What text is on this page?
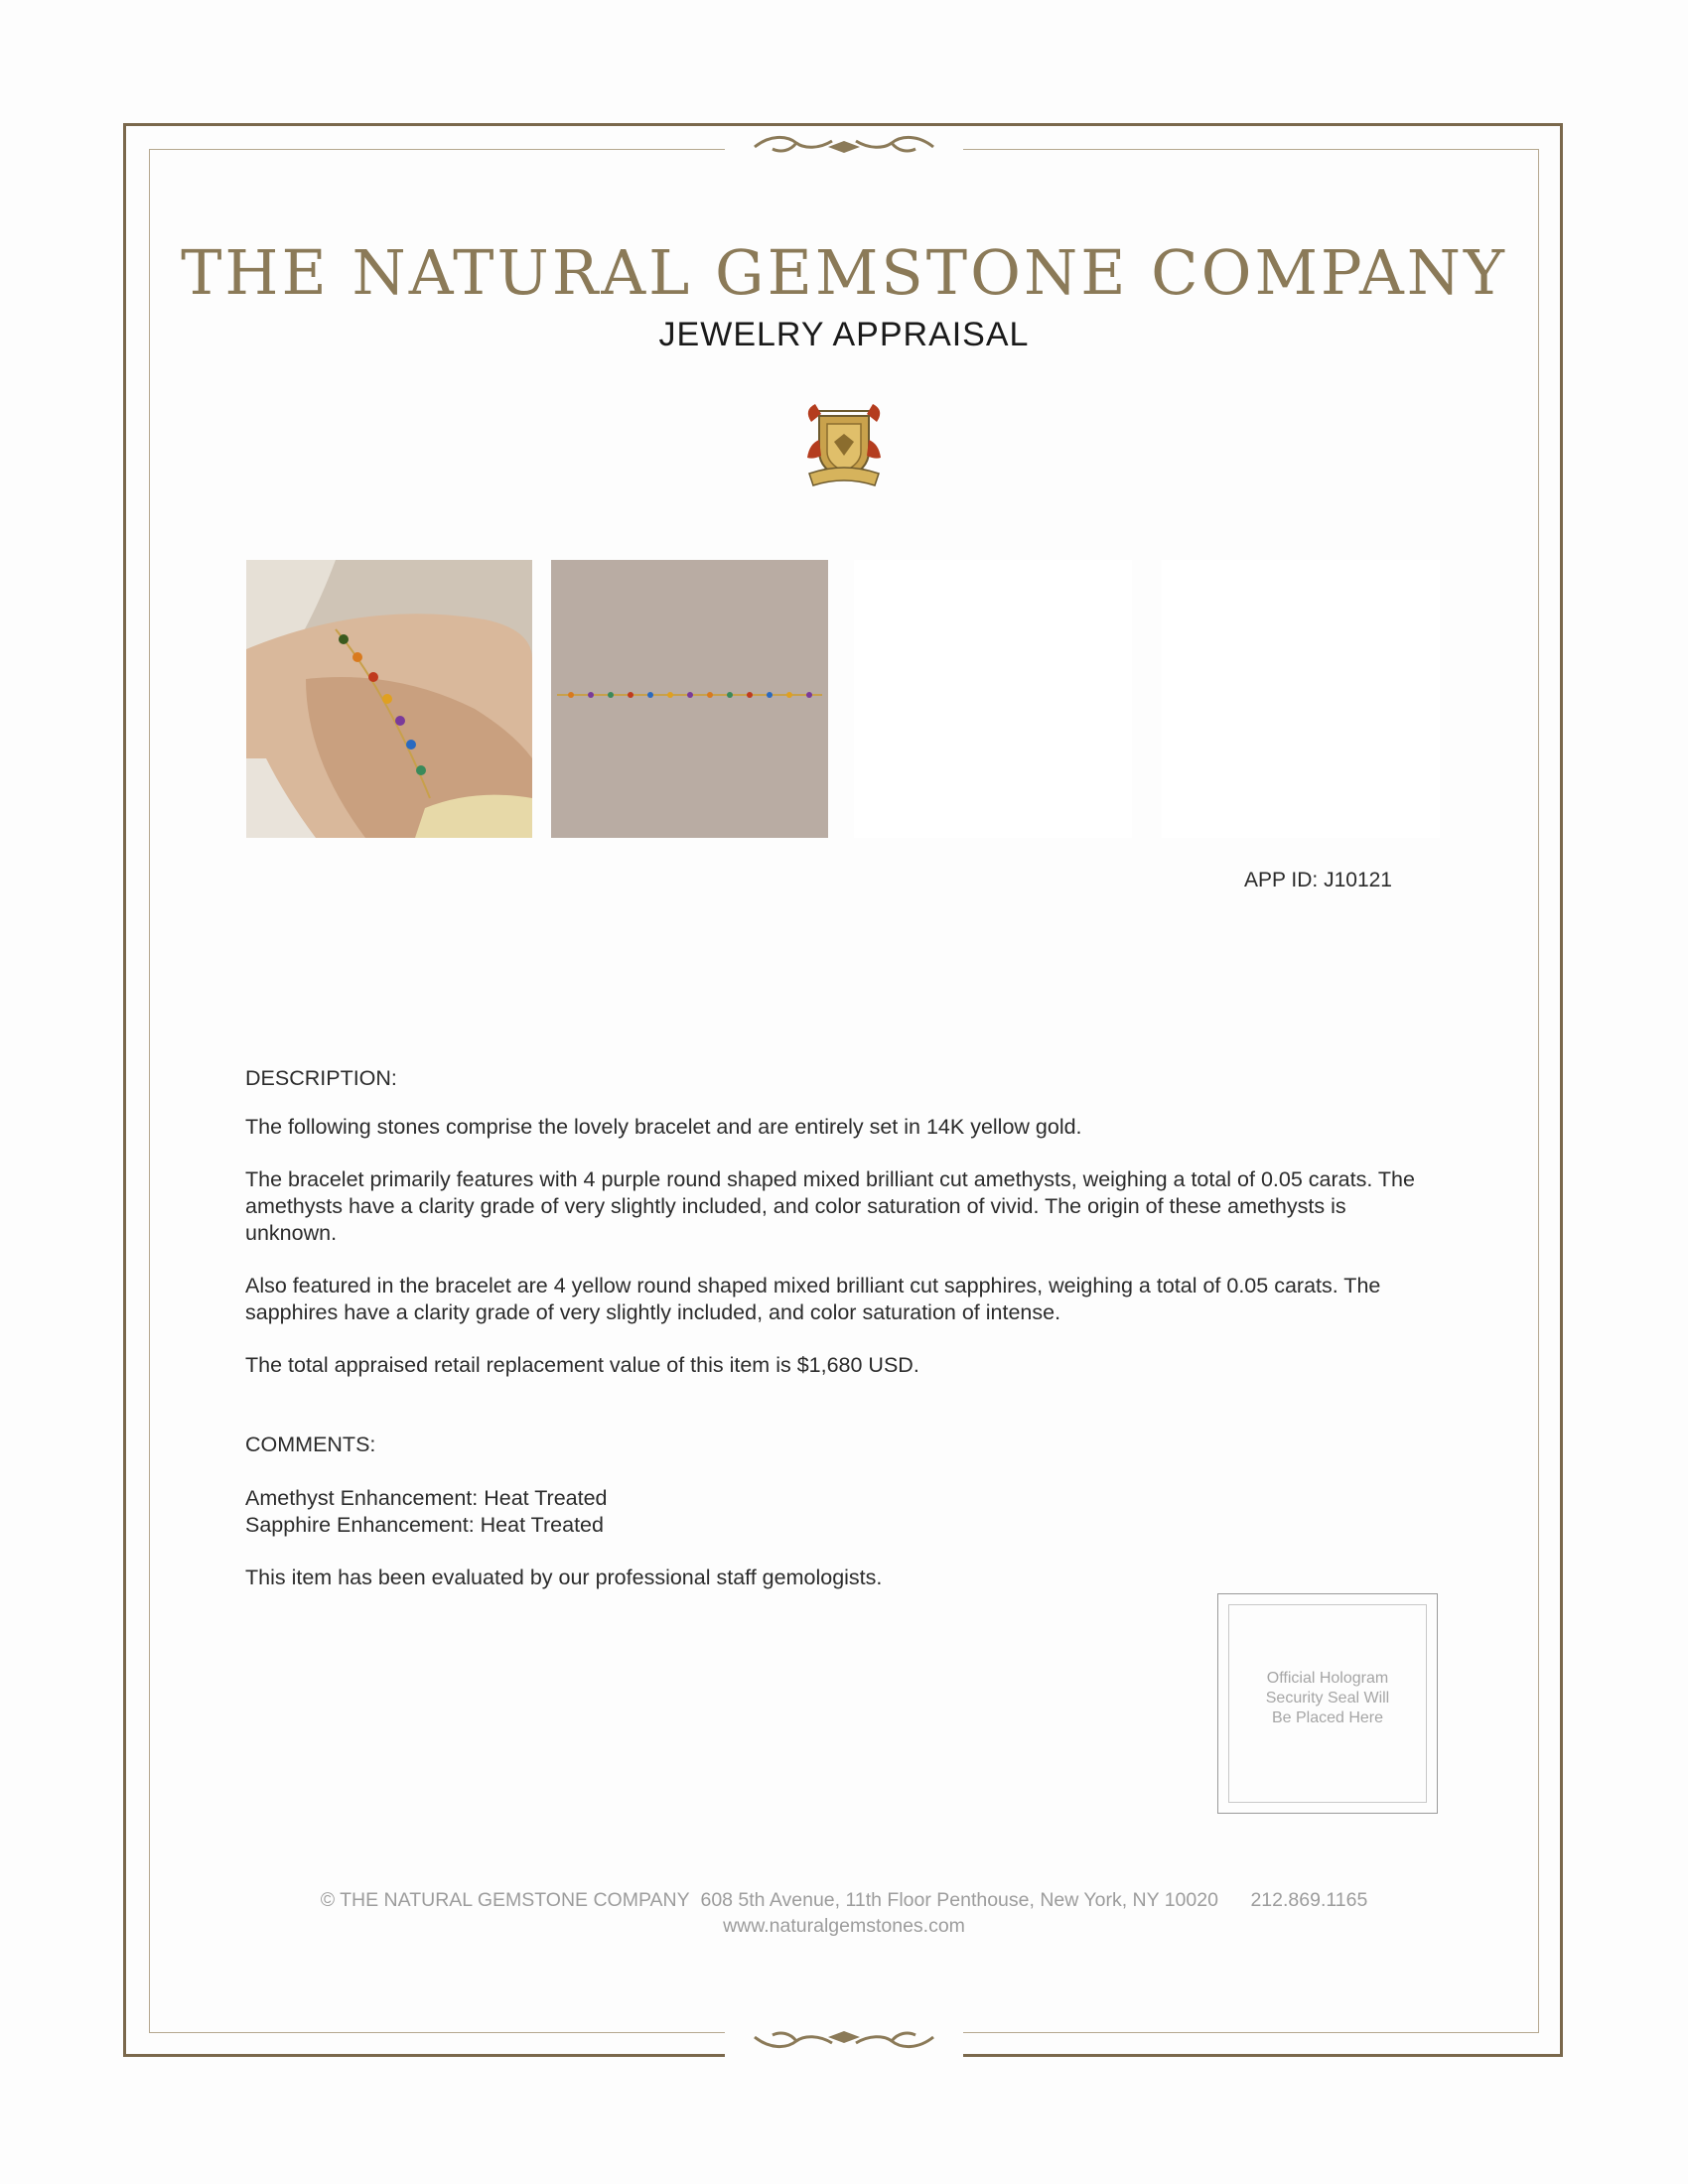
THE NATURAL GEMSTONE COMPANY
JEWELRY APPRAISAL
APP ID: J10121
DESCRIPTION:
The following stones comprise the lovely bracelet and are entirely set in 14K yellow gold.
The bracelet primarily features with 4 purple round shaped mixed brilliant cut amethysts, weighing a total of 0.05 carats. The amethysts have a clarity grade of very slightly included, and color saturation of vivid. The origin of these amethysts is unknown.
Also featured in the bracelet are 4 yellow round shaped mixed brilliant cut sapphires, weighing a total of 0.05 carats. The sapphires have a clarity grade of very slightly included, and color saturation of intense.
The total appraised retail replacement value of this item is $1,680 USD.
COMMENTS:
Amethyst Enhancement: Heat Treated
Sapphire Enhancement: Heat Treated
This item has been evaluated by our professional staff gemologists.
Official Hologram
Security Seal Will
Be Placed Here
© THE NATURAL GEMSTONE COMPANY 608 5th Avenue, 11th Floor Penthouse, New York, NY 10020 212.869.1165
www.naturalgemstones.com
